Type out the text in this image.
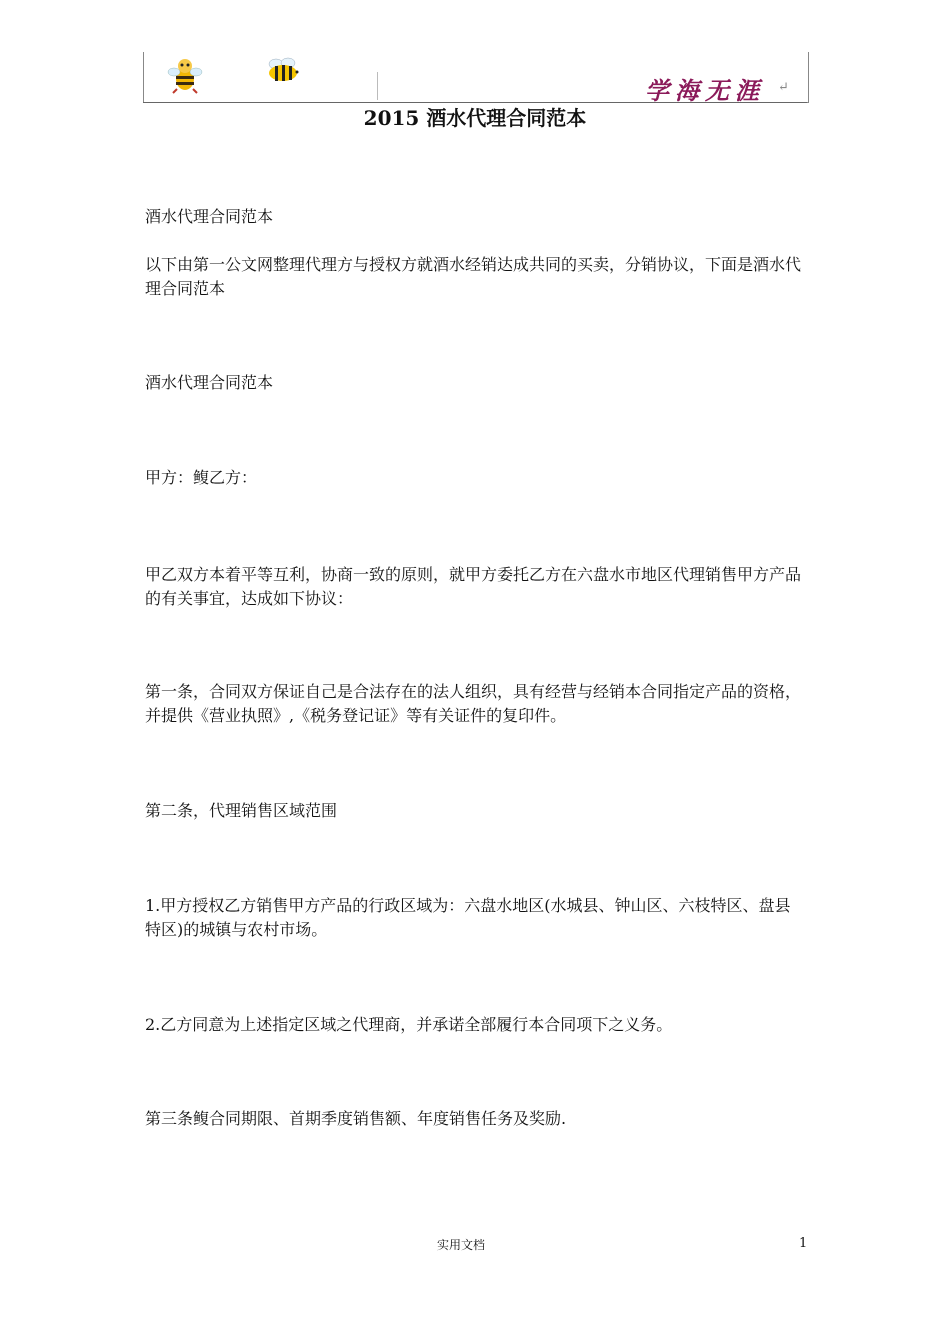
学海无涯 ↵
2015 酒水代理合同范本
酒水代理合同范本
以下由第一公文网整理代理方与授权方就酒水经销达成共同的买卖，分销协议，下面是酒水代理合同范本
酒水代理合同范本
甲方：鳆乙方：
甲乙双方本着平等互利，协商一致的原则，就甲方委托乙方在六盘水市地区代理销售甲方产品的有关事宜，达成如下协议：
第一条，合同双方保证自己是合法存在的法人组织，具有经营与经销本合同指定产品的资格，并提供《营业执照》,《税务登记证》等有关证件的复印件。
第二条，代理销售区域范围
1.甲方授权乙方销售甲方产品的行政区域为：六盘水地区(水城县、钟山区、六枝特区、盘县特区)的城镇与农村市场。
2.乙方同意为上述指定区域之代理商，并承诺全部履行本合同项下之义务。
第三条鳆合同期限、首期季度销售额、年度销售任务及奖励.
实用文档	1
